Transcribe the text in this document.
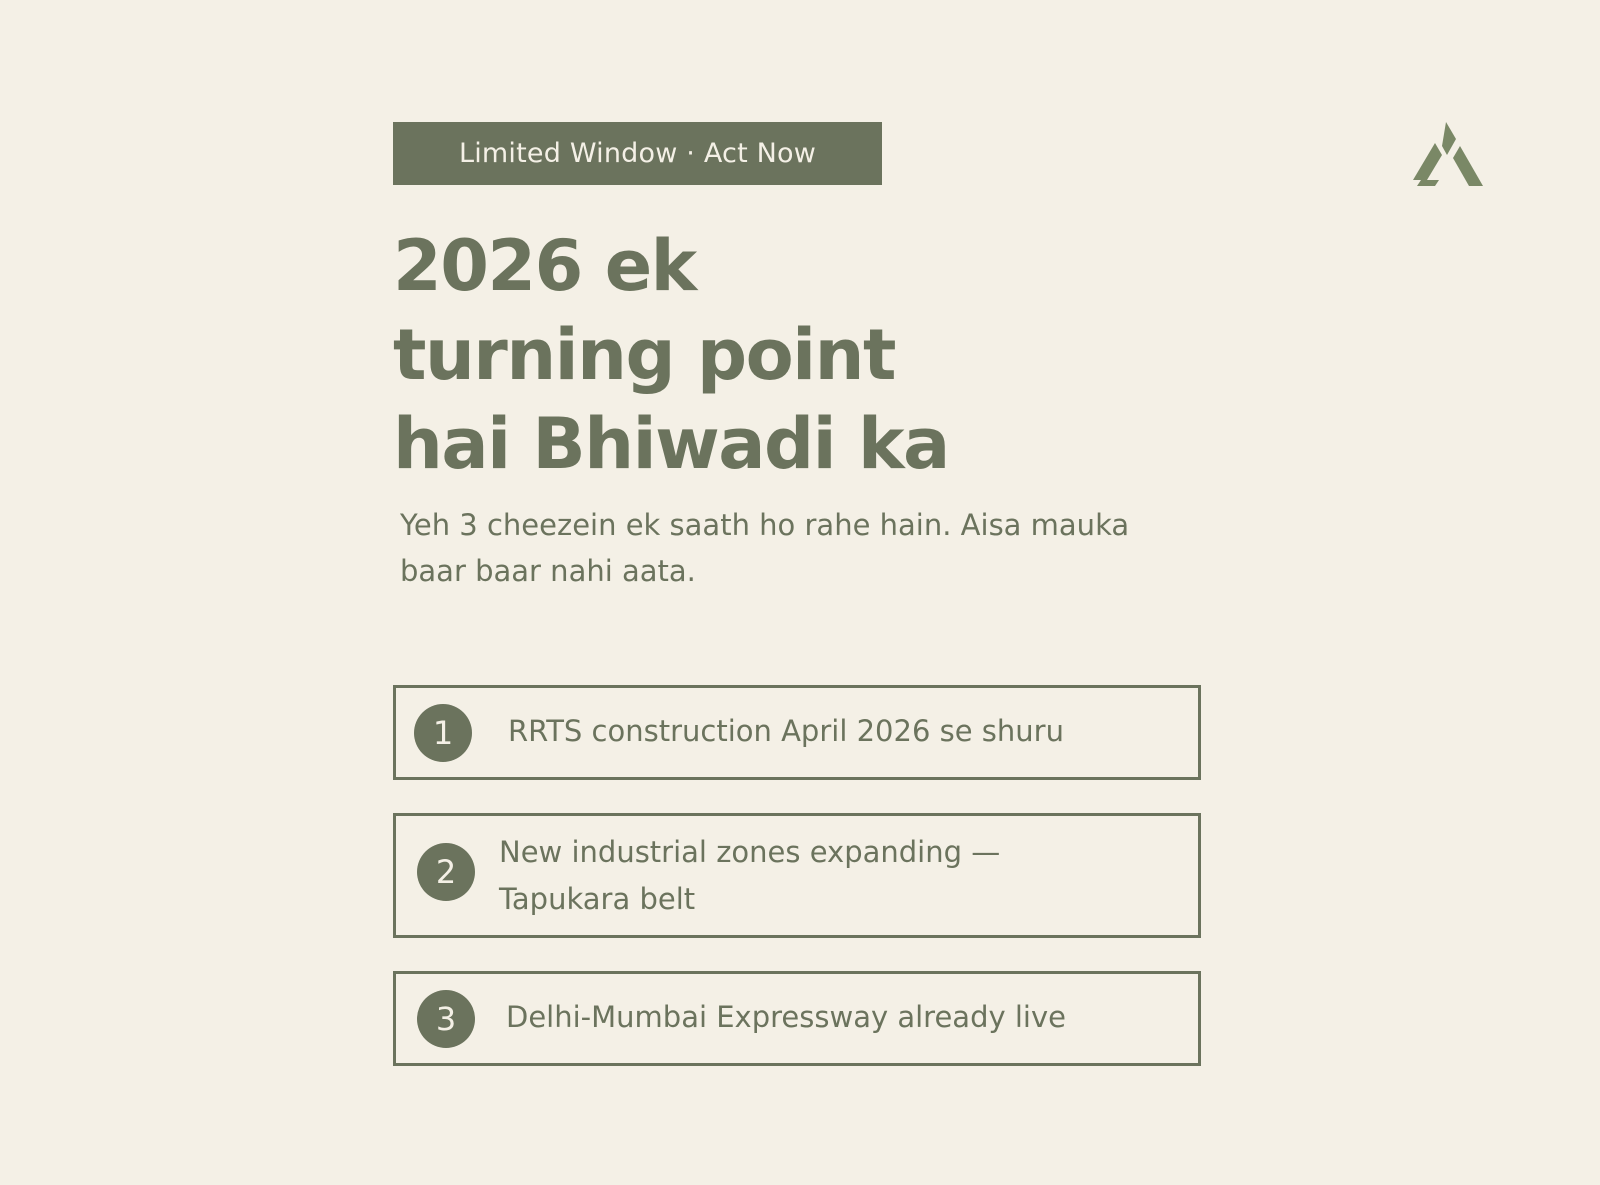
Limited Window · Act Now
2026 ek
turning point
hai Bhiwadi ka

Yeh 3 cheezein ek saath ho rahe hain. Aisa mauka baar baar nahi aata.

1	RRTS construction April 2026 se shuru
2
New industrial zones expanding — Tapukara belt
3	Delhi-Mumbai Expressway already live
